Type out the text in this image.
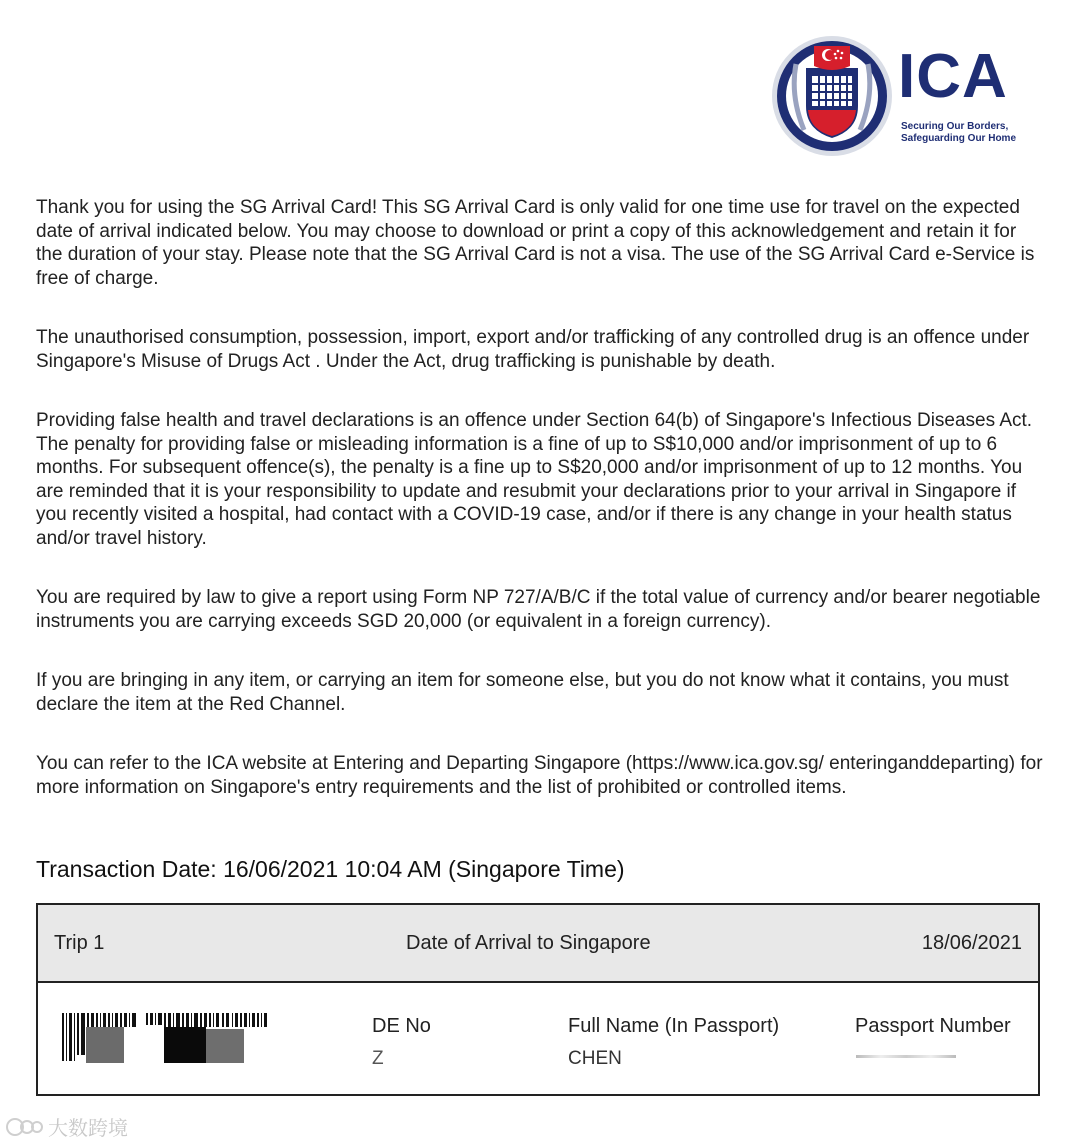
ICA
Securing Our Borders,
Safeguarding Our Home

Thank you for using the SG Arrival Card! This SG Arrival Card is only valid for one time use for travel on the expected date of arrival indicated below. You may choose to download or print a copy of this acknowledgement and retain it for the duration of your stay. Please note that the SG Arrival Card is not a visa. The use of the SG Arrival Card e-Service is free of charge.

The unauthorised consumption, possession, import, export and/or trafficking of any controlled drug is an offence under Singapore's Misuse of Drugs Act . Under the Act, drug trafficking is punishable by death.

Providing false health and travel declarations is an offence under Section 64(b) of Singapore's Infectious Diseases Act. The penalty for providing false or misleading information is a fine of up to S$10,000 and/or imprisonment of up to 6 months. For subsequent offence(s), the penalty is a fine up to S$20,000 and/or imprisonment of up to 12 months. You are reminded that it is your responsibility to update and resubmit your declarations prior to your arrival in Singapore if you recently visited a hospital, had contact with a COVID-19 case, and/or if there is any change in your health status and/or travel history.

You are required by law to give a report using Form NP 727/A/B/C if the total value of currency and/or bearer negotiable instruments you are carrying exceeds SGD 20,000 (or equivalent in a foreign currency).

If you are bringing in any item, or carrying an item for someone else, but you do not know what it contains, you must declare the item at the Red Channel.

You can refer to the ICA website at Entering and Departing Singapore (https://www.ica.gov.sg/ enteringanddeparting) for more information on Singapore's entry requirements and the list of prohibited or controlled items.

Transaction Date: 16/06/2021 10:04 AM (Singapore Time)
Trip 1	Date of Arrival to Singapore	18/06/2021
DE No
Z
Full Name (In Passport)
CHEN
Passport Number
大数跨境
